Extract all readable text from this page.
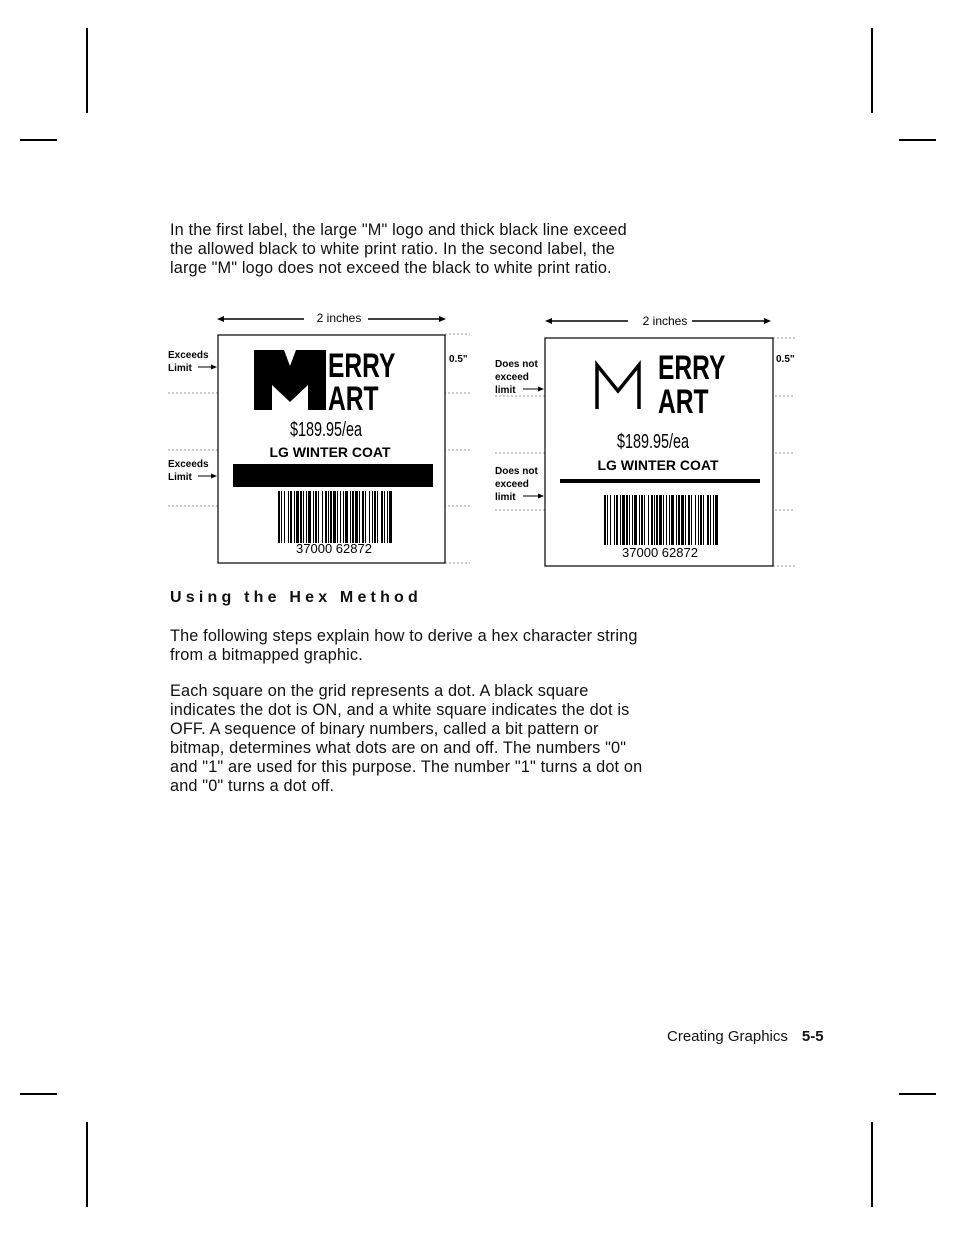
In the first label, the large "M" logo and thick black line exceed
the allowed black to white print ratio. In the second label, the
large "M" logo does not exceed the black to white print ratio.

2 inches
Exceeds
Limit
Exceeds
Limit
0.5"
ERRY
ART
$189.95/ea
LG WINTER COAT
37000 62872
2 inches
Does not
exceed
limit
Does not
exceed
limit
0.5"
ERRY
ART
$189.95/ea
LG WINTER COAT
37000 62872
Using the Hex Method

The following steps explain how to derive a hex character string
from a bitmapped graphic.

Each square on the grid represents a dot. A black square
indicates the dot is ON, and a white square indicates the dot is
OFF. A sequence of binary numbers, called a bit pattern or
bitmap, determines what dots are on and off. The numbers "0"
and "1" are used for this purpose. The number "1" turns a dot on
and "0" turns a dot off.

Creating Graphics 5-5
